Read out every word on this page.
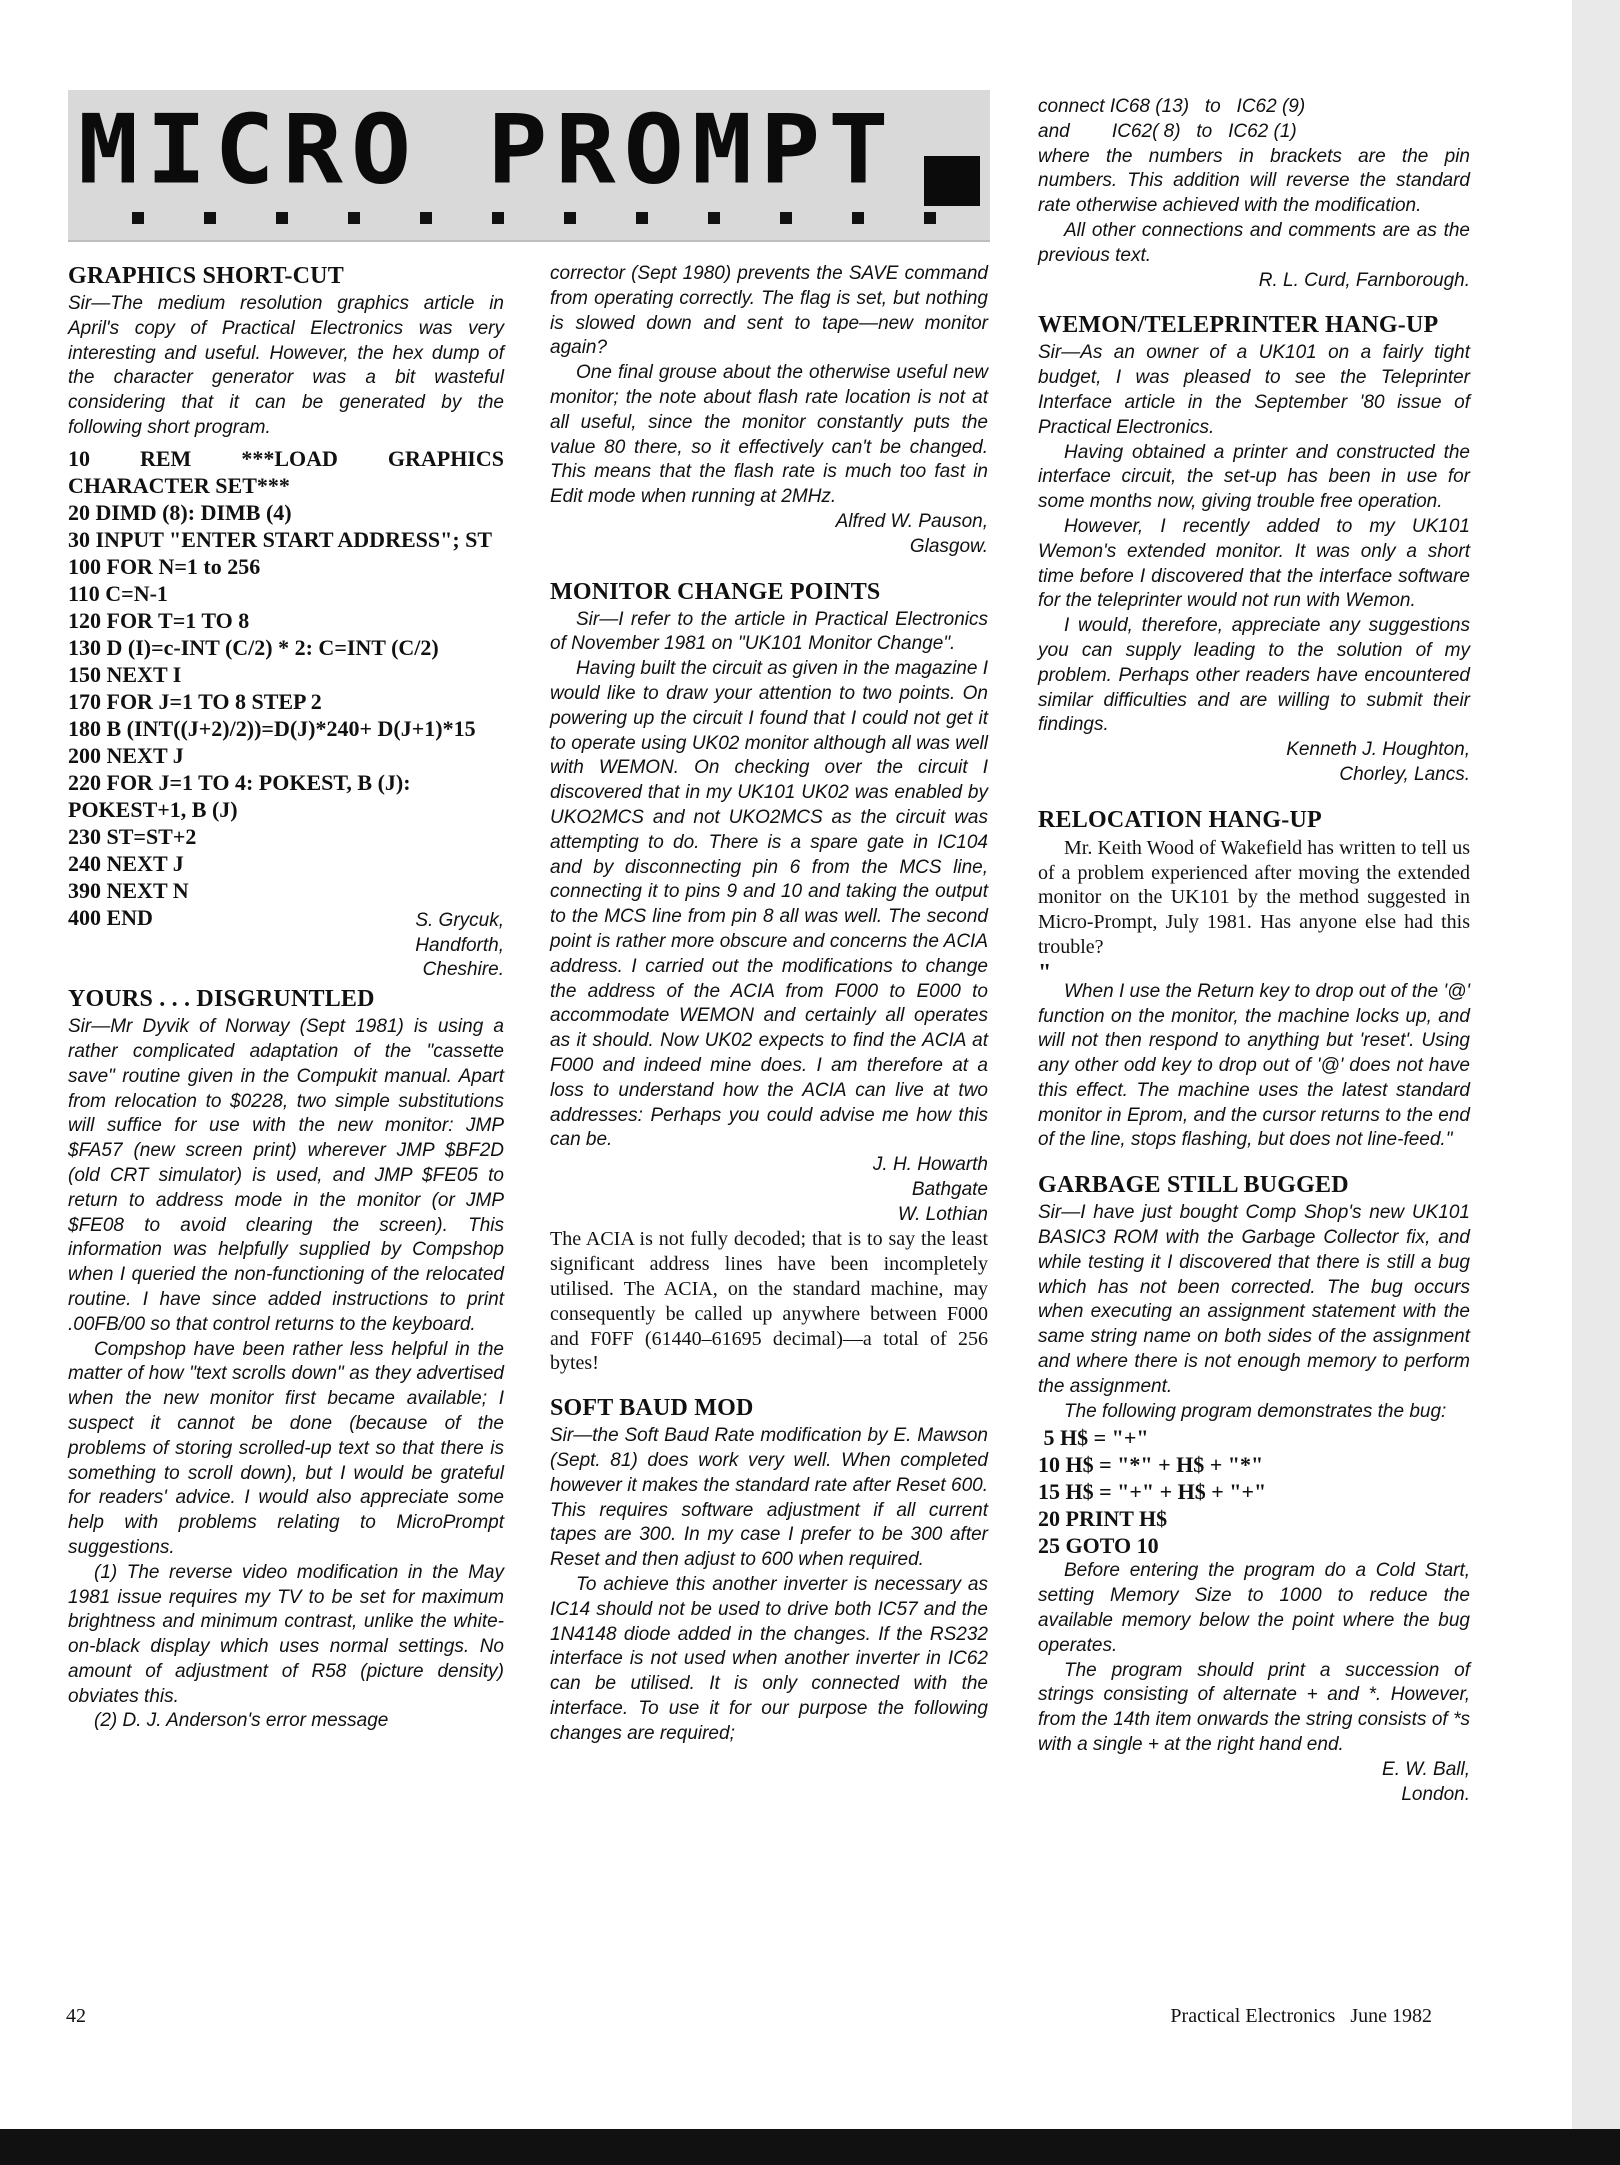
MICRO PROMPT
GRAPHICS SHORT-CUT

Sir—The medium resolution graphics article in April's copy of Practical Electronics was very interesting and useful. However, the hex dump of the character generator was a bit wasteful considering that it can be generated by the following short program.

10 REM ***LOAD GRAPHICS CHARACTER SET***
20 DIMD (8): DIMB (4)
30 INPUT "ENTER START ADDRESS"; ST
100 FOR N=1 to 256
110 C=N-1
120 FOR T=1 TO 8
130 D (I)=c-INT (C/2) * 2: C=INT (C/2)
150 NEXT I
170 FOR J=1 TO 8 STEP 2
180 B (INT((J+2)/2))=D(J)*240+ D(J+1)*15
200 NEXT J
220 FOR J=1 TO 4: POKEST, B (J): POKEST+1, B (J)
230 ST=ST+2
240 NEXT J
390 NEXT N
400 END	S. Grycuk,
Handforth,
Cheshire.
YOURS . . . DISGRUNTLED

Sir—Mr Dyvik of Norway (Sept 1981) is using a rather complicated adaptation of the "cassette save" routine given in the Compukit manual. Apart from relocation to $0228, two simple substitutions will suffice for use with the new monitor: JMP $FA57 (new screen print) wherever JMP $BF2D (old CRT simulator) is used, and JMP $FE05 to return to address mode in the monitor (or JMP $FE08 to avoid clearing the screen). This information was helpfully supplied by Compshop when I queried the non-functioning of the relocated routine. I have since added instructions to print .00FB/00 so that control returns to the keyboard.

Compshop have been rather less helpful in the matter of how "text scrolls down" as they advertised when the new monitor first became available; I suspect it cannot be done (because of the problems of storing scrolled-up text so that there is something to scroll down), but I would be grateful for readers' advice. I would also appreciate some help with problems relating to MicroPrompt suggestions.

(1) The reverse video modification in the May 1981 issue requires my TV to be set for maximum brightness and minimum contrast, unlike the white-on-black display which uses normal settings. No amount of adjustment of R58 (picture density) obviates this.

(2) D. J. Anderson's error message

corrector (Sept 1980) prevents the SAVE command from operating correctly. The flag is set, but nothing is slowed down and sent to tape—new monitor again?

One final grouse about the otherwise useful new monitor; the note about flash rate location is not at all useful, since the monitor constantly puts the value 80 there, so it effectively can't be changed. This means that the flash rate is much too fast in Edit mode when running at 2MHz.

Alfred W. Pauson,
Glasgow.
MONITOR CHANGE POINTS

Sir—I refer to the article in Practical Electronics of November 1981 on "UK101 Monitor Change".

Having built the circuit as given in the magazine I would like to draw your attention to two points. On powering up the circuit I found that I could not get it to operate using UK02 monitor although all was well with WEMON. On checking over the circuit I discovered that in my UK101 UK02 was enabled by UKO2MCS and not UKO2MCS as the circuit was attempting to do. There is a spare gate in IC104 and by disconnecting pin 6 from the MCS line, connecting it to pins 9 and 10 and taking the output to the MCS line from pin 8 all was well. The second point is rather more obscure and concerns the ACIA address. I carried out the modifications to change the address of the ACIA from F000 to E000 to accommodate WEMON and certainly all operates as it should. Now UK02 expects to find the ACIA at F000 and indeed mine does. I am therefore at a loss to understand how the ACIA can live at two addresses: Perhaps you could advise me how this can be.

J. H. Howarth
Bathgate
W. Lothian

The ACIA is not fully decoded; that is to say the least significant address lines have been incompletely utilised. The ACIA, on the standard machine, may consequently be called up anywhere between F000 and F0FF (61440–61695 decimal)—a total of 256 bytes!

SOFT BAUD MOD

Sir—the Soft Baud Rate modification by E. Mawson (Sept. 81) does work very well. When completed however it makes the standard rate after Reset 600. This requires software adjustment if all current tapes are 300. In my case I prefer to be 300 after Reset and then adjust to 600 when required.

To achieve this another inverter is necessary as IC14 should not be used to drive both IC57 and the 1N4148 diode added in the changes. If the RS232 interface is not used when another inverter in IC62 can be utilised. It is only connected with the interface. To use it for our purpose the following changes are required;

connect IC68 (13)   to   IC62 (9)

and        IC62( 8)   to   IC62 (1)

where the numbers in brackets are the pin numbers. This addition will reverse the standard rate otherwise achieved with the modification.

All other connections and comments are as the previous text.

R. L. Curd, Farnborough.
WEMON/TELEPRINTER HANG-UP

Sir—As an owner of a UK101 on a fairly tight budget, I was pleased to see the Teleprinter Interface article in the September '80 issue of Practical Electronics.

Having obtained a printer and constructed the interface circuit, the set-up has been in use for some months now, giving trouble free operation.

However, I recently added to my UK101 Wemon's extended monitor. It was only a short time before I discovered that the interface software for the teleprinter would not run with Wemon.

I would, therefore, appreciate any suggestions you can supply leading to the solution of my problem. Perhaps other readers have encountered similar difficulties and are willing to submit their findings.

Kenneth J. Houghton,
Chorley, Lancs.
RELOCATION HANG-UP

Mr. Keith Wood of Wakefield has written to tell us of a problem experienced after moving the extended monitor on the UK101 by the method suggested in Micro-Prompt, July 1981. Has anyone else had this trouble?

"

When I use the Return key to drop out of the '@' function on the monitor, the machine locks up, and will not then respond to anything but 'reset'. Using any other odd key to drop out of '@' does not have this effect. The machine uses the latest standard monitor in Eprom, and the cursor returns to the end of the line, stops flashing, but does not line-feed."

GARBAGE STILL BUGGED

Sir—I have just bought Comp Shop's new UK101 BASIC3 ROM with the Garbage Collector fix, and while testing it I discovered that there is still a bug which has not been corrected. The bug occurs when executing an assignment statement with the same string name on both sides of the assignment and where there is not enough memory to perform the assignment.

The following program demonstrates the bug:

5 H$ = "+"
10 H$ = "*" + H$ + "*"
15 H$ = "+" + H$ + "+"
20 PRINT H$
25 GOTO 10

Before entering the program do a Cold Start, setting Memory Size to 1000 to reduce the available memory below the point where the bug operates.

The program should print a succession of strings consisting of alternate + and *. However, from the 14th item onwards the string consists of *s with a single + at the right hand end.

E. W. Ball,
London.
42	Practical Electronics   June 1982
